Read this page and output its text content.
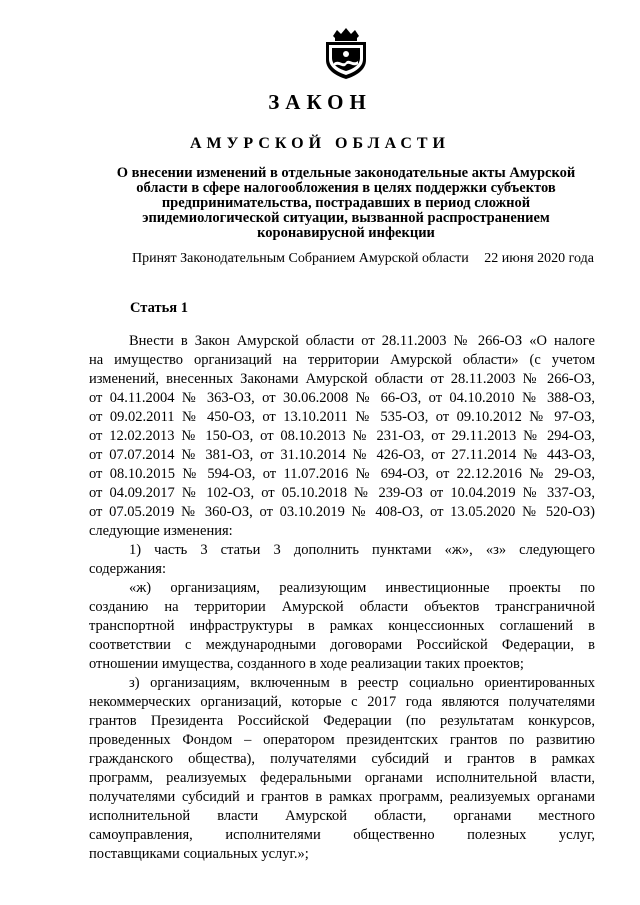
ЗАКОН
АМУРСКОЙ ОБЛАСТИ
О внесении изменений в отдельные законодательные акты Амурской
области в сфере налогообложения в целях поддержки субъектов
предпринимательства, пострадавших в период сложной
эпидемиологической ситуации, вызванной распространением
коронавирусной инфекции
Принят Законодательным Собранием Амурской области 22 июня 2020 года
Статья 1
Внести в Закон Амурской области от 28.11.2003 № 266-ОЗ «О налоге
на имущество организаций на территории Амурской области» (с учетом
изменений, внесенных Законами Амурской области от 28.11.2003 № 266-ОЗ,
от 04.11.2004 № 363-ОЗ, от 30.06.2008 № 66-ОЗ, от 04.10.2010 № 388-ОЗ,
от 09.02.2011 № 450-ОЗ, от 13.10.2011 № 535-ОЗ, от 09.10.2012 № 97-ОЗ,
от 12.02.2013 № 150-ОЗ, от 08.10.2013 № 231-ОЗ, от 29.11.2013 № 294-ОЗ,
от 07.07.2014 № 381-ОЗ, от 31.10.2014 № 426-ОЗ, от 27.11.2014 № 443-ОЗ,
от 08.10.2015 № 594-ОЗ, от 11.07.2016 № 694-ОЗ, от 22.12.2016 № 29-ОЗ,
от 04.09.2017 № 102-ОЗ, от 05.10.2018 № 239-ОЗ от 10.04.2019 № 337-ОЗ,
от 07.05.2019 № 360-ОЗ, от 03.10.2019 № 408-ОЗ, от 13.05.2020 № 520-ОЗ)
следующие изменения:
1) часть 3 статьи 3 дополнить пунктами «ж», «з» следующего
содержания:
«ж) организациям, реализующим инвестиционные проекты по
созданию на территории Амурской области объектов трансграничной
транспортной инфраструктуры в рамках концессионных соглашений в
соответствии с международными договорами Российской Федерации, в
отношении имущества, созданного в ходе реализации таких проектов;
з) организациям, включенным в реестр социально ориентированных
некоммерческих организаций, которые с 2017 года являются получателями
грантов Президента Российской Федерации (по результатам конкурсов,
проведенных Фондом – оператором президентских грантов по развитию
гражданского общества), получателями субсидий и грантов в рамках
программ, реализуемых федеральными органами исполнительной власти,
получателями субсидий и грантов в рамках программ, реализуемых органами
исполнительной власти Амурской области, органами местного
самоуправления, исполнителями общественно полезных услуг,
поставщиками социальных услуг.»;
